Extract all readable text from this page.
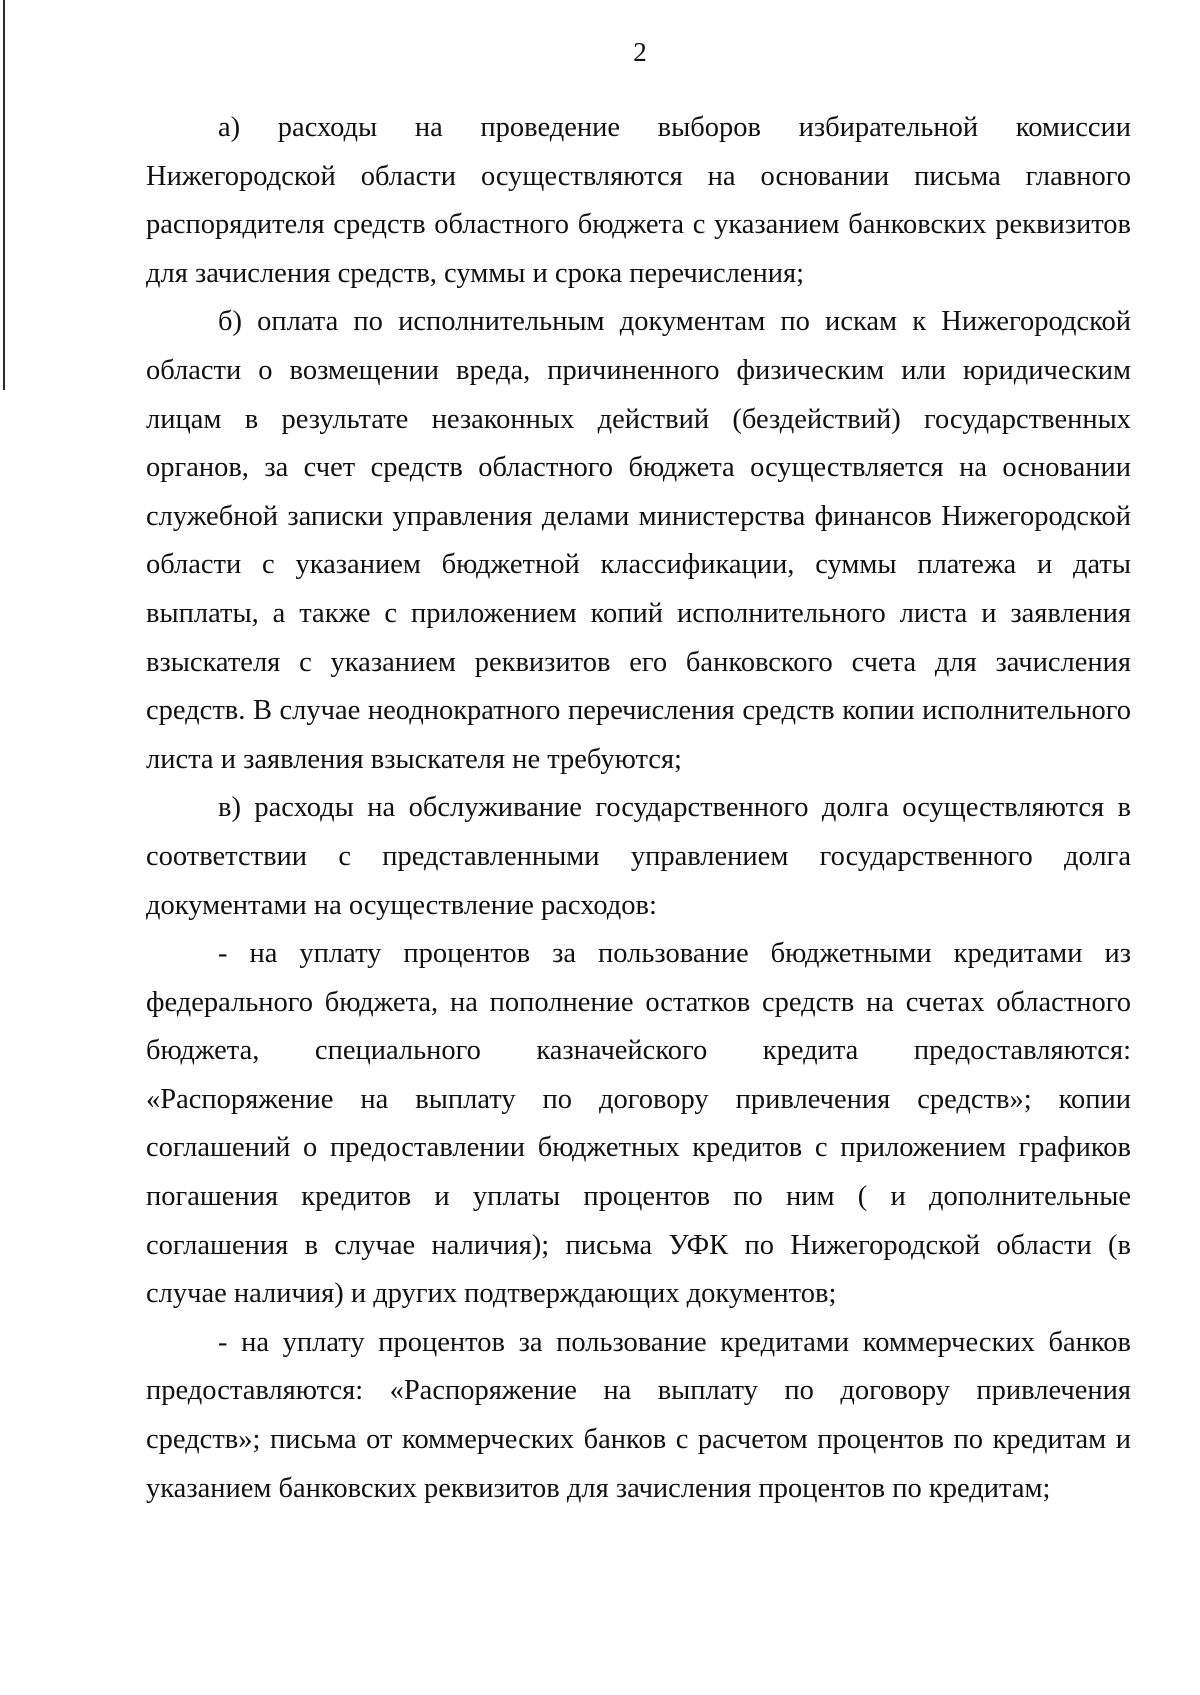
2

а) расходы на проведение выборов избирательной комиссии Нижегородской области осуществляются на основании письма главного распорядителя средств областного бюджета с указанием банковских реквизитов для зачисления средств, суммы и срока перечисления;

б) оплата по исполнительным документам по искам к Нижегородской области о возмещении вреда, причиненного физическим или юридическим лицам в результате незаконных действий (бездействий) государственных органов, за счет средств областного бюджета осуществляется на основании служебной записки управления делами министерства финансов Нижегородской области с указанием бюджетной классификации, суммы платежа и даты выплаты, а также с приложением копий исполнительного листа и заявления взыскателя с указанием реквизитов его банковского счета для зачисления средств. В случае неоднократного перечисления средств копии исполнительного листа и заявления взыскателя не требуются;

в) расходы на обслуживание государственного долга осуществляются в соответствии с представленными управлением государственного долга документами на осуществление расходов:

- на уплату процентов за пользование бюджетными кредитами из федерального бюджета, на пополнение остатков средств на счетах областного бюджета, специального казначейского кредита предоставляются: «Распоряжение на выплату по договору привлечения средств»; копии соглашений о предоставлении бюджетных кредитов с приложением графиков погашения кредитов и уплаты процентов по ним ( и дополнительные соглашения в случае наличия); письма УФК по Нижегородской области (в случае наличия) и других подтверждающих документов;

- на уплату процентов за пользование кредитами коммерческих банков предоставляются: «Распоряжение на выплату по договору привлечения средств»; письма от коммерческих банков с расчетом процентов по кредитам и указанием банковских реквизитов для зачисления процентов по кредитам;
